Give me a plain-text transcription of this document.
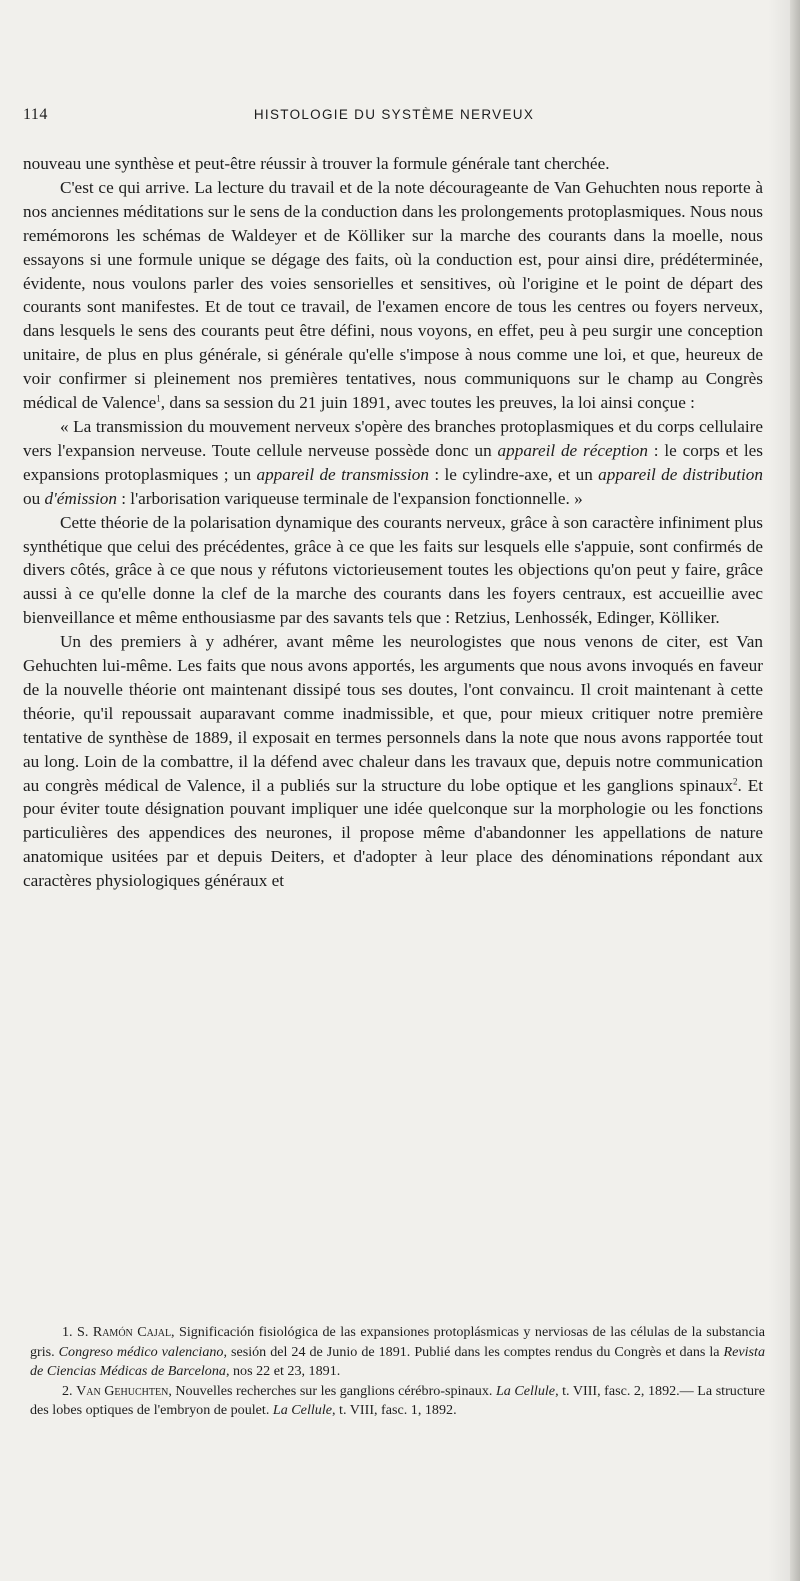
114	HISTOLOGIE DU SYSTÈME NERVEUX

nouveau une synthèse et peut-être réussir à trouver la formule générale tant cherchée.

C'est ce qui arrive. La lecture du travail et de la note décourageante de Van Gehuchten nous reporte à nos anciennes méditations sur le sens de la conduction dans les prolongements protoplasmiques. Nous nous remémorons les schémas de Waldeyer et de Kölliker sur la marche des courants dans la moelle, nous essayons si une formule unique se dégage des faits, où la conduction est, pour ainsi dire, prédéterminée, évidente, nous voulons parler des voies sensorielles et sensitives, où l'origine et le point de départ des courants sont manifestes. Et de tout ce travail, de l'examen encore de tous les centres ou foyers nerveux, dans lesquels le sens des courants peut être défini, nous voyons, en effet, peu à peu surgir une conception unitaire, de plus en plus générale, si générale qu'elle s'impose à nous comme une loi, et que, heureux de voir confirmer si pleinement nos premières tentatives, nous communiquons sur le champ au Congrès médical de Valence$^1$, dans sa session du 21 juin 1891, avec toutes les preuves, la loi ainsi conçue :

« La transmission du mouvement nerveux s'opère des branches protoplasmiques et du corps cellulaire vers l'expansion nerveuse. Toute cellule nerveuse possède donc un appareil de réception : le corps et les expansions protoplasmiques ; un appareil de transmission : le cylindre-axe, et un appareil de distribution ou d'émission : l'arborisation variqueuse terminale de l'expansion fonctionnelle. »

Cette théorie de la polarisation dynamique des courants nerveux, grâce à son caractère infiniment plus synthétique que celui des précédentes, grâce à ce que les faits sur lesquels elle s'appuie, sont confirmés de divers côtés, grâce à ce que nous y réfutons victorieusement toutes les objections qu'on peut y faire, grâce aussi à ce qu'elle donne la clef de la marche des courants dans les foyers centraux, est accueillie avec bienveillance et même enthousiasme par des savants tels que : Retzius, Lenhossék, Edinger, Kölliker.

Un des premiers à y adhérer, avant même les neurologistes que nous venons de citer, est Van Gehuchten lui-même. Les faits que nous avons apportés, les arguments que nous avons invoqués en faveur de la nouvelle théorie ont maintenant dissipé tous ses doutes, l'ont convaincu. Il croit maintenant à cette théorie, qu'il repoussait auparavant comme inadmissible, et que, pour mieux critiquer notre première tentative de synthèse de 1889, il exposait en termes personnels dans la note que nous avons rapportée tout au long. Loin de la combattre, il la défend avec chaleur dans les travaux que, depuis notre communication au congrès médical de Valence, il a publiés sur la structure du lobe optique et les ganglions spinaux$^2$. Et pour éviter toute désignation pouvant impliquer une idée quelconque sur la morphologie ou les fonctions particulières des appendices des neurones, il propose même d'abandonner les appellations de nature anatomique usitées par et depuis Deiters, et d'adopter à leur place des dénominations répondant aux caractères physiologiques généraux et

1. S. Ramón Cajal, Significación fisiológica de las expansiones protoplásmicas y nerviosas de las células de la substancia gris. Congreso médico valenciano, sesión del 24 de Junio de 1891. Publié dans les comptes rendus du Congrès et dans la Revista de Ciencias Médicas de Barcelona, nos 22 et 23, 1891.

2. Van Gehuchten, Nouvelles recherches sur les ganglions cérébro-spinaux. La Cellule, t. VIII, fasc. 2, 1892.— La structure des lobes optiques de l'embryon de poulet. La Cellule, t. VIII, fasc. 1, 1892.
